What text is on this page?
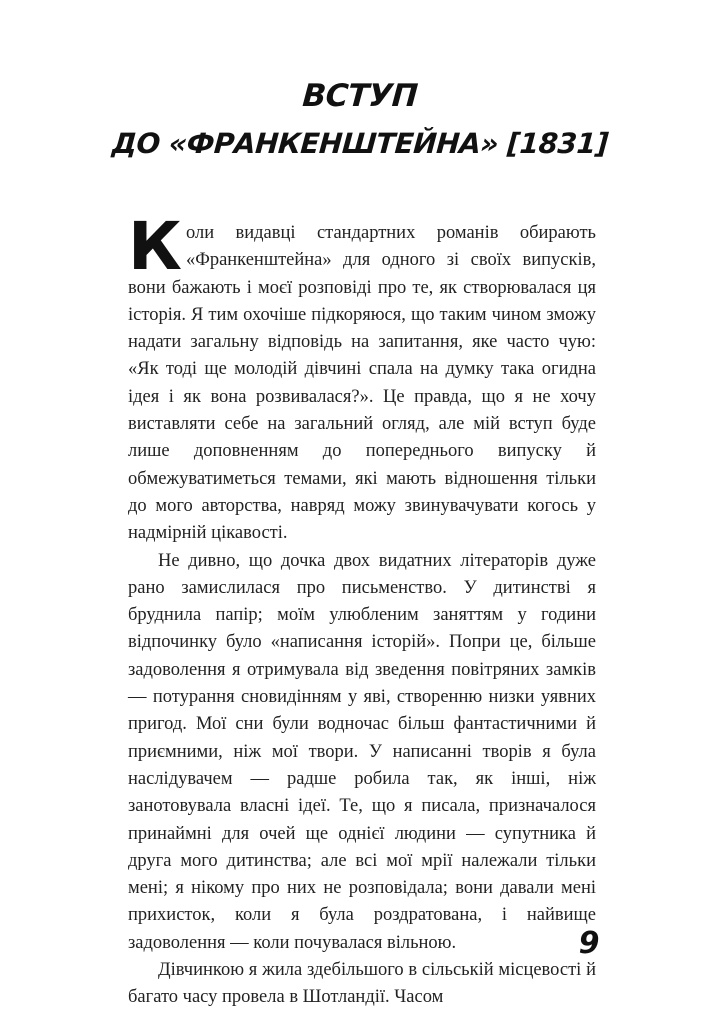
ВСТУП
ДО «ФРАНКЕНШТЕЙНА» [1831]

Коли видавці стандартних романів обирають «Франкенштейна» для одного зі своїх випусків, вони бажають і моєї розповіді про те, як створювалася ця історія. Я тим охочіше підкоряюся, що таким чином зможу надати загальну відповідь на запитання, яке часто чую: «Як тоді ще молодій дівчині спала на думку така огидна ідея і як вона розвивалася?». Це правда, що я не хочу виставляти себе на загальний огляд, але мій вступ буде лише доповненням до попереднього випуску й обмежуватиметься темами, які мають відношення тільки до мого авторства, навряд можу звинувачувати когось у надмірній цікавості.

Не дивно, що дочка двох видатних літераторів дуже рано замислилася про письменство. У дитинстві я бруднила папір; моїм улюбленим заняттям у години відпочинку було «написання історій». Попри це, більше задоволення я отримувала від зведення повітряних замків — потурання сновидінням у яві, створенню низки уявних пригод. Мої сни були водночас більш фантастичними й приємними, ніж мої твори. У написанні творів я була наслідувачем — радше робила так, як інші, ніж занотовувала власні ідеї. Те, що я писала, призначалося принаймні для очей ще однієї людини — супутника й друга мого дитинства; але всі мої мрії належали тільки мені; я нікому про них не розповідала; вони давали мені прихисток, коли я була роздратована, і найвище задоволення — коли почувалася вільною.

Дівчинкою я жила здебільшого в сільській місцевості й багато часу провела в Шотландії. Часом

9
